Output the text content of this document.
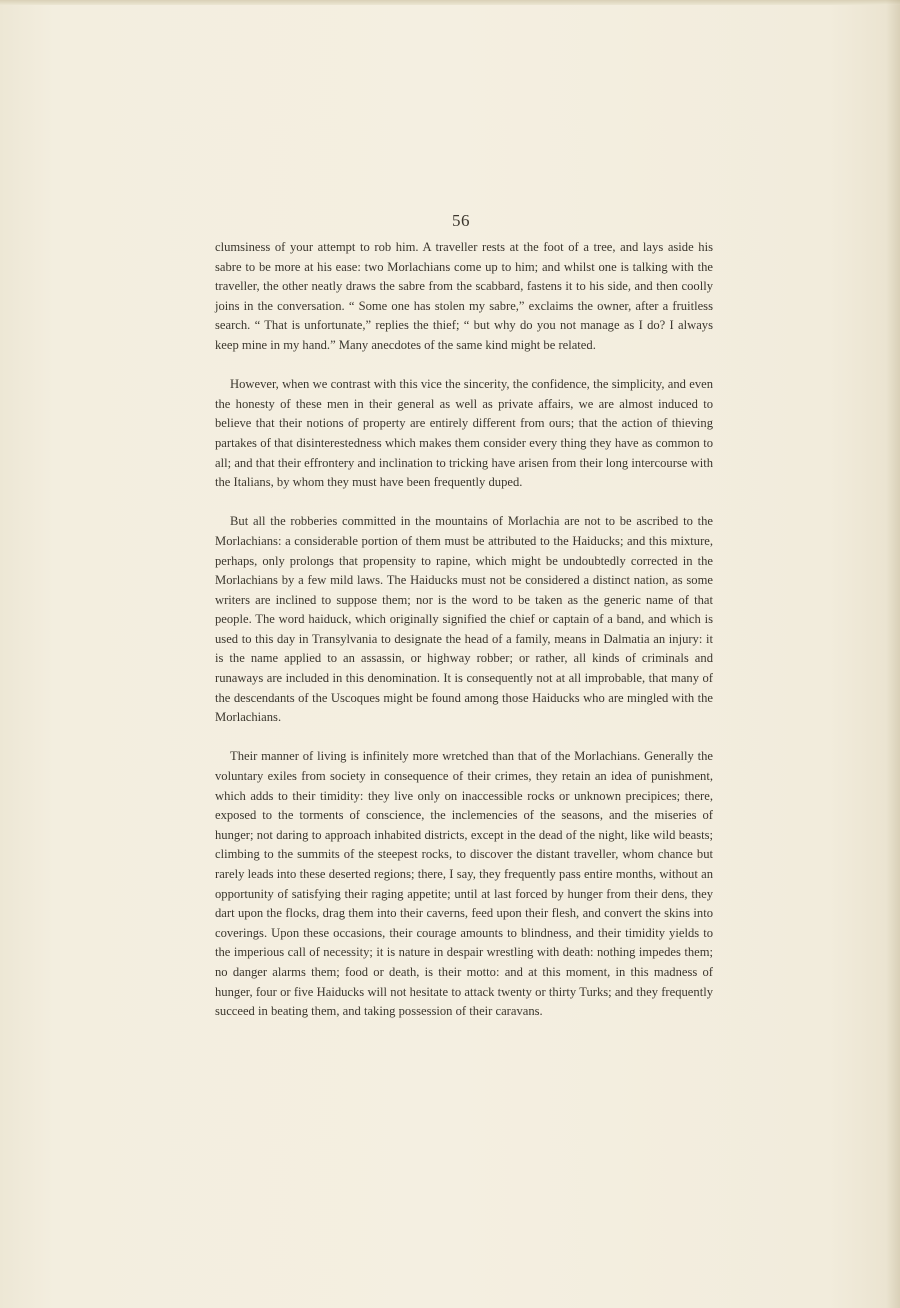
56

clumsiness of your attempt to rob him. A traveller rests at the foot of a tree, and lays aside his sabre to be more at his ease: two Morlachians come up to him; and whilst one is talking with the traveller, the other neatly draws the sabre from the scabbard, fastens it to his side, and then coolly joins in the conversation. “ Some one has stolen my sabre,” exclaims the owner, after a fruitless search. “ That is unfortunate,” replies the thief; “ but why do you not manage as I do? I always keep mine in my hand.” Many anecdotes of the same kind might be related.

However, when we contrast with this vice the sincerity, the confidence, the simplicity, and even the honesty of these men in their general as well as private affairs, we are almost induced to believe that their notions of property are entirely different from ours; that the action of thieving partakes of that disinterestedness which makes them consider every thing they have as common to all; and that their effrontery and inclination to tricking have arisen from their long intercourse with the Italians, by whom they must have been frequently duped.

But all the robberies committed in the mountains of Morlachia are not to be ascribed to the Morlachians: a considerable portion of them must be attributed to the Haiducks; and this mixture, perhaps, only prolongs that propensity to rapine, which might be undoubtedly corrected in the Morlachians by a few mild laws. The Haiducks must not be considered a distinct nation, as some writers are inclined to suppose them; nor is the word to be taken as the generic name of that people. The word haiduck, which originally signified the chief or captain of a band, and which is used to this day in Transylvania to designate the head of a family, means in Dalmatia an injury: it is the name applied to an assassin, or highway robber; or rather, all kinds of criminals and runaways are included in this denomination. It is consequently not at all improbable, that many of the descendants of the Uscoques might be found among those Haiducks who are mingled with the Morlachians.

Their manner of living is infinitely more wretched than that of the Morlachians. Generally the voluntary exiles from society in consequence of their crimes, they retain an idea of punishment, which adds to their timidity: they live only on inaccessible rocks or unknown precipices; there, exposed to the torments of conscience, the inclemencies of the seasons, and the miseries of hunger; not daring to approach inhabited districts, except in the dead of the night, like wild beasts; climbing to the summits of the steepest rocks, to discover the distant traveller, whom chance but rarely leads into these deserted regions; there, I say, they frequently pass entire months, without an opportunity of satisfying their raging appetite; until at last forced by hunger from their dens, they dart upon the flocks, drag them into their caverns, feed upon their flesh, and convert the skins into coverings. Upon these occasions, their courage amounts to blindness, and their timidity yields to the imperious call of necessity; it is nature in despair wrestling with death: nothing impedes them; no danger alarms them; food or death, is their motto: and at this moment, in this madness of hunger, four or five Haiducks will not hesitate to attack twenty or thirty Turks; and they frequently succeed in beating them, and taking possession of their caravans.
